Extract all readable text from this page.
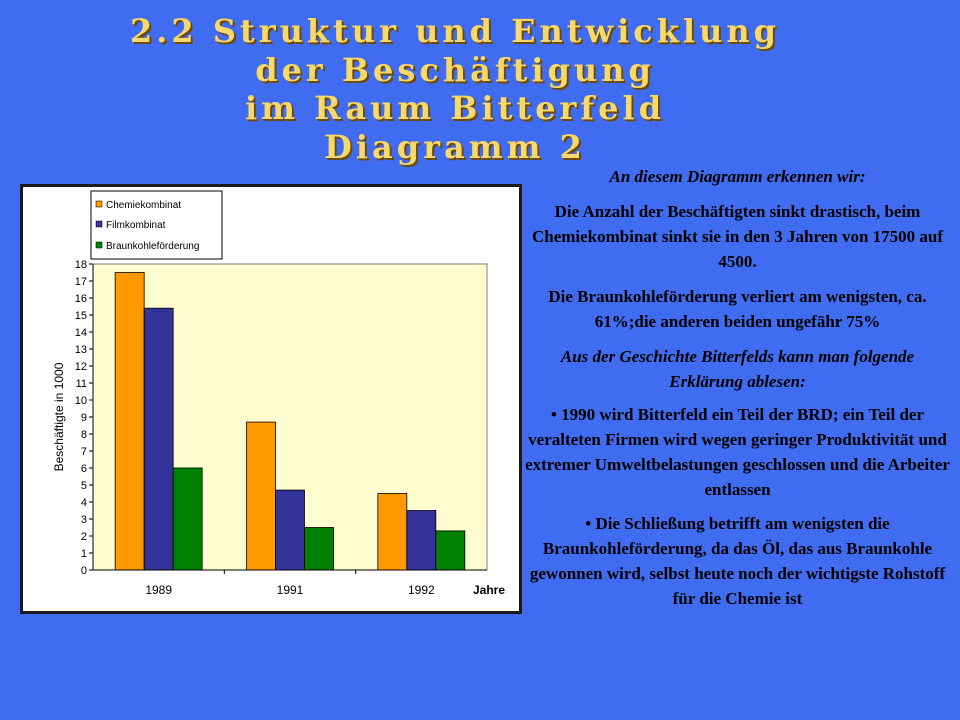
2.2 Struktur und Entwicklung
der Beschäftigung
im Raum Bitterfeld
Diagramm 2
0
1
2
3
4
5
6
7
8
9
10
11
12
13
14
15
16
17
18
1989	1991	1992
Beschäftigte in 1000
Jahre
Chemiekombinat
Filmkombinat
Braunkohleförderung

An diesem Diagramm erkennen wir:

Die Anzahl der Beschäftigten sinkt drastisch, beim Chemiekombinat sinkt sie in den 3 Jahren von 17500 auf 4500.

Die Braunkohleförderung verliert am wenigsten, ca. 61%;die anderen beiden ungefähr 75%

Aus der Geschichte Bitterfelds kann man folgende Erklärung ablesen:

• 1990 wird Bitterfeld ein Teil der BRD; ein Teil der veralteten Firmen wird wegen geringer Produktivität und extremer Umweltbelastungen geschlossen und die Arbeiter entlassen

• Die Schließung betrifft am wenigsten die Braunkohleförderung, da das Öl, das aus Braunkohle gewonnen wird, selbst heute noch der wichtigste Rohstoff für die Chemie ist
